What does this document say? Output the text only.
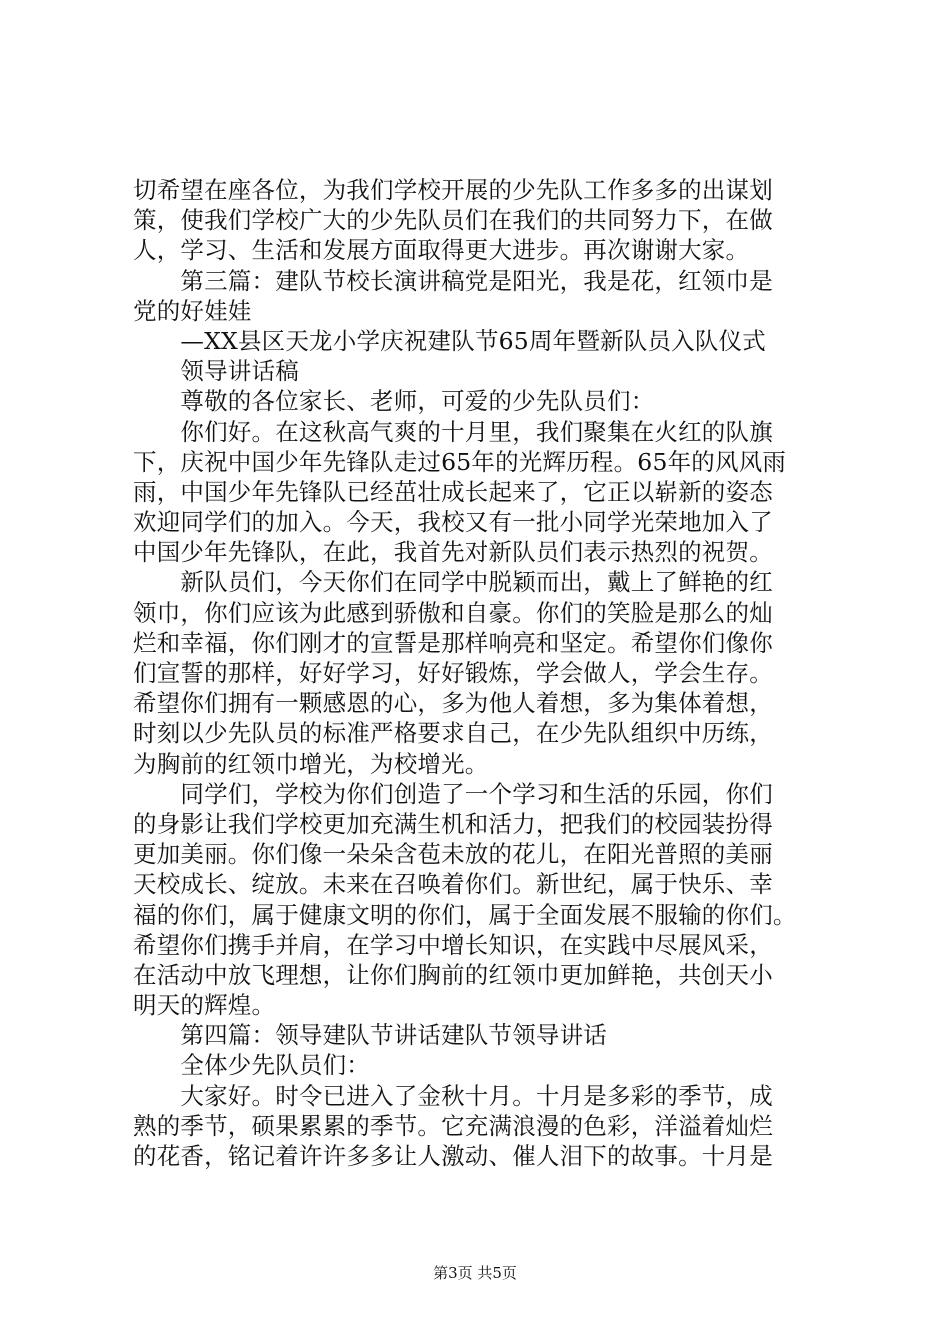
切希望在座各位，为我们学校开展的少先队工作多多的出谋划
策，使我们学校广大的少先队员们在我们的共同努力下，在做
人，学习、生活和发展方面取得更大进步。再次谢谢大家。
　　第三篇：建队节校长演讲稿党是阳光，我是花，红领巾是
党的好娃娃
　　—XX县区天龙小学庆祝建队节65周年暨新队员入队仪式
　　领导讲话稿
　　尊敬的各位家长、老师，可爱的少先队员们：
　　你们好。在这秋高气爽的十月里，我们聚集在火红的队旗
下，庆祝中国少年先锋队走过65年的光辉历程。65年的风风雨
雨，中国少年先锋队已经茁壮成长起来了，它正以崭新的姿态
欢迎同学们的加入。今天，我校又有一批小同学光荣地加入了
中国少年先锋队，在此，我首先对新队员们表示热烈的祝贺。
　　新队员们，今天你们在同学中脱颖而出，戴上了鲜艳的红
领巾，你们应该为此感到骄傲和自豪。你们的笑脸是那么的灿
烂和幸福，你们刚才的宣誓是那样响亮和坚定。希望你们像你
们宣誓的那样，好好学习，好好锻炼，学会做人，学会生存。
希望你们拥有一颗感恩的心，多为他人着想，多为集体着想，
时刻以少先队员的标准严格要求自己，在少先队组织中历练，
为胸前的红领巾增光，为校增光。
　　同学们，学校为你们创造了一个学习和生活的乐园，你们
的身影让我们学校更加充满生机和活力，把我们的校园装扮得
更加美丽。你们像一朵朵含苞未放的花儿，在阳光普照的美丽
天校成长、绽放。未来在召唤着你们。新世纪，属于快乐、幸
福的你们，属于健康文明的你们，属于全面发展不服输的你们。
希望你们携手并肩，在学习中增长知识，在实践中尽展风采，
在活动中放飞理想，让你们胸前的红领巾更加鲜艳，共创天小
明天的辉煌。
　　第四篇：领导建队节讲话建队节领导讲话
　　全体少先队员们：
　　大家好。时令已进入了金秋十月。十月是多彩的季节，成
熟的季节，硕果累累的季节。它充满浪漫的色彩，洋溢着灿烂
的花香，铭记着许许多多让人激动、催人泪下的故事。十月是
第3页 共5页
